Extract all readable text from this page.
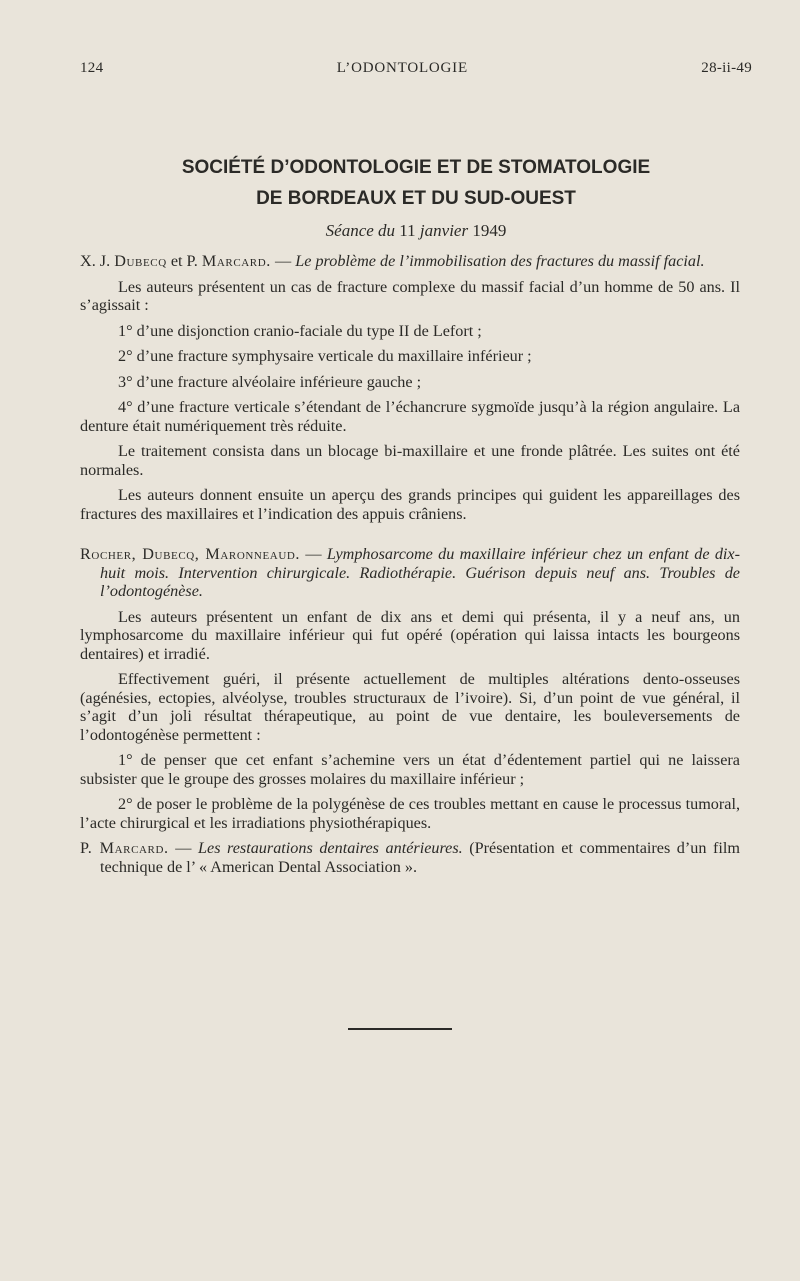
124	L’ODONTOLOGIE	28-ii-49
SOCIÉTÉ D’ODONTOLOGIE ET DE STOMATOLOGIE
DE BORDEAUX ET DU SUD-OUEST
Séance du 11 janvier 1949

X. J. Dubecq et P. Marcard. — Le problème de l’immobilisation des fractures du massif facial.

Les auteurs présentent un cas de fracture complexe du massif facial d’un homme de 50 ans. Il s’agissait :

1° d’une disjonction cranio-faciale du type II de Lefort ;

2° d’une fracture symphysaire verticale du maxillaire inférieur ;

3° d’une fracture alvéolaire inférieure gauche ;

4° d’une fracture verticale s’étendant de l’échancrure sygmoïde jusqu’à la région angulaire. La denture était numériquement très réduite.

Le traitement consista dans un blocage bi-maxillaire et une fronde plâtrée. Les suites ont été normales.

Les auteurs donnent ensuite un aperçu des grands principes qui guident les appareillages des fractures des maxillaires et l’indication des appuis crâniens.

Rocher, Dubecq, Maronneaud. — Lymphosarcome du maxillaire inférieur chez un enfant de dix-huit mois. Intervention chirurgicale. Radiothérapie. Guérison depuis neuf ans. Troubles de l’odontogénèse.

Les auteurs présentent un enfant de dix ans et demi qui présenta, il y a neuf ans, un lymphosarcome du maxillaire inférieur qui fut opéré (opération qui laissa intacts les bourgeons dentaires) et irradié.

Effectivement guéri, il présente actuellement de multiples altérations dento-osseuses (agénésies, ectopies, alvéolyse, troubles structuraux de l’ivoire). Si, d’un point de vue général, il s’agit d’un joli résultat thérapeutique, au point de vue dentaire, les bouleversements de l’odontogénèse permettent :

1° de penser que cet enfant s’achemine vers un état d’édentement partiel qui ne laissera subsister que le groupe des grosses molaires du maxillaire inférieur ;

2° de poser le problème de la polygénèse de ces troubles mettant en cause le processus tumoral, l’acte chirurgical et les irradiations physiothérapiques.

P. Marcard. — Les restaurations dentaires antérieures. (Présentation et commentaires d’un film technique de l’ « American Dental Association ».
